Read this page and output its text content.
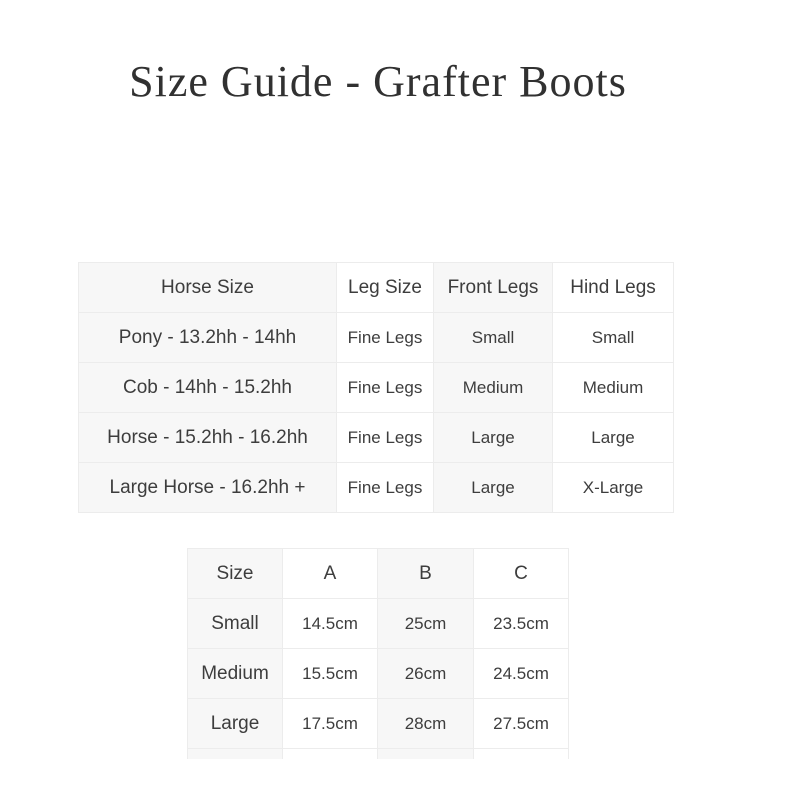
Size Guide - Grafter Boots
Horse Size	Leg Size	Front Legs	Hind Legs
Pony - 13.2hh - 14hh	Fine Legs	Small	Small
Cob - 14hh - 15.2hh	Fine Legs	Medium	Medium
Horse - 15.2hh - 16.2hh	Fine Legs	Large	Large
Large Horse - 16.2hh +	Fine Legs	Large	X-Large
Size	A	B	C
Small	14.5cm	25cm	23.5cm
Medium	15.5cm	26cm	24.5cm
Large	17.5cm	28cm	27.5cm
